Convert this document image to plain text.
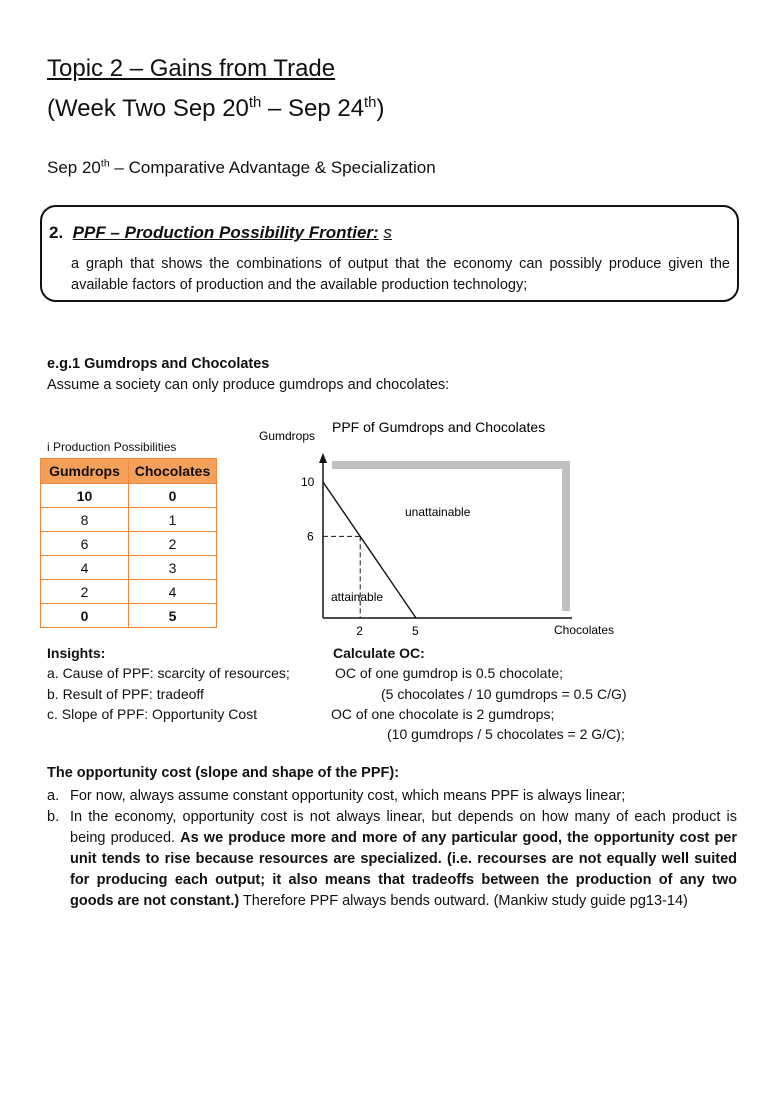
Topic 2 – Gains from Trade
(Week Two Sep 20th – Sep 24th)
Sep 20th – Comparative Advantage & Specialization
2. PPF – Production Possibility Frontier: s
a graph that shows the combinations of output that the economy can possibly produce given the available factors of production and the available production technology;
e.g.1 Gumdrops and Chocolates
Assume a society can only produce gumdrops and chocolates:
i Production Possibilities
Gumdrops	Chocolates
10	0
8	1
6	2
4	3
2	4
0	5
PPF of Gumdrops and Chocolates
Gumdrops
Chocolates
2	5
10
6
unattainable
attainable
Insights:
a. Cause of PPF: scarcity of resources;
b. Result of PPF: tradeoff
c. Slope of PPF: Opportunity Cost
Calculate OC:
OC of one gumdrop is 0.5 chocolate;
(5 chocolates / 10 gumdrops = 0.5 C/G)
OC of one chocolate is 2 gumdrops;
(10 gumdrops / 5 chocolates = 2 G/C);
The opportunity cost (slope and shape of the PPF):
a. For now, always assume constant opportunity cost, which means PPF is always linear;
b. In the economy, opportunity cost is not always linear, but depends on how many of each product is being produced. As we produce more and more of any particular good, the opportunity cost per unit tends to rise because resources are specialized. (i.e. recourses are not equally well suited for producing each output; it also means that tradeoffs between the production of any two goods are not constant.) Therefore PPF always bends outward. (Mankiw study guide pg13-14)
